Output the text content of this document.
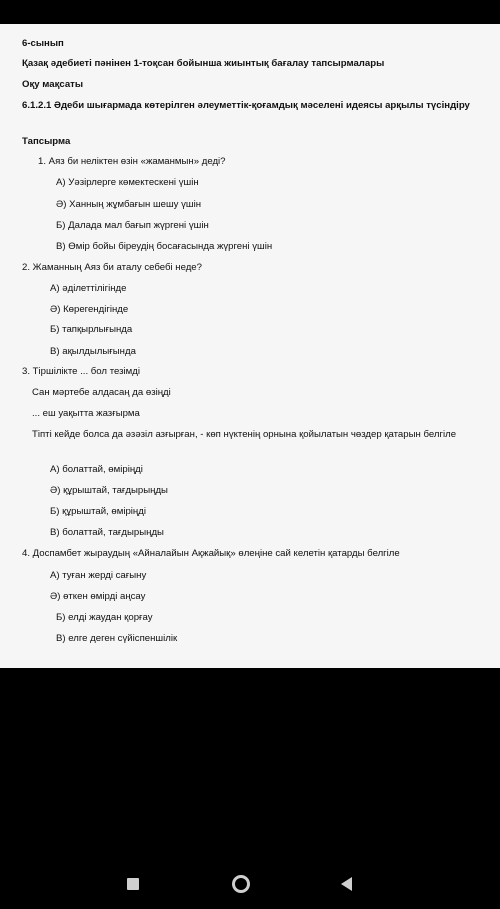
6-сынып
Қазақ әдебиеті пәнінен 1-тоқсан бойынша жиынтық бағалау тапсырмалары
Оқу мақсаты
6.1.2.1 Әдеби шығармада көтерілген әлеуметтік-қоғамдық мәселені идеясы арқылы түсіндіру
Тапсырма
1. Аяз би неліктен өзін «жаманмын» деді?
А) Уәзірлерге көмектескені үшін
Ә) Ханның жұмбағын шешу үшін
Б) Далада мал бағып жүргені үшін
В) Өмір бойы біреудің босағасында жүргені үшін
2. Жаманның Аяз би аталу себебі неде?
А) әділеттілігінде
Ә) Көрегендігінде
Б) тапқырлығында
В) ақылдылығында
3. Тіршілікте ... бол тезімді
Сан мәртебе алдасаң да өзіңді
... еш уақытта жазғырма
Тіпті кейде болса да әзәзіл азғырған, - көп нүктенің орнына қойылатын чөздер қатарын белгіле
А) болаттай, өміріңді
Ә) құрыштай, тағдырыңды
Б) құрыштай, өміріңді
В) болаттай, тағдырыңды
4. Доспамбет жыраудың «Айналайын Ақжайық» өлеңіне сай келетін қатарды белгіле
А) туған жерді сағыну
Ә) өткен өмірді аңсау
Б) елді жаудан қорғау
В) елге деген сүйіспеншілік
